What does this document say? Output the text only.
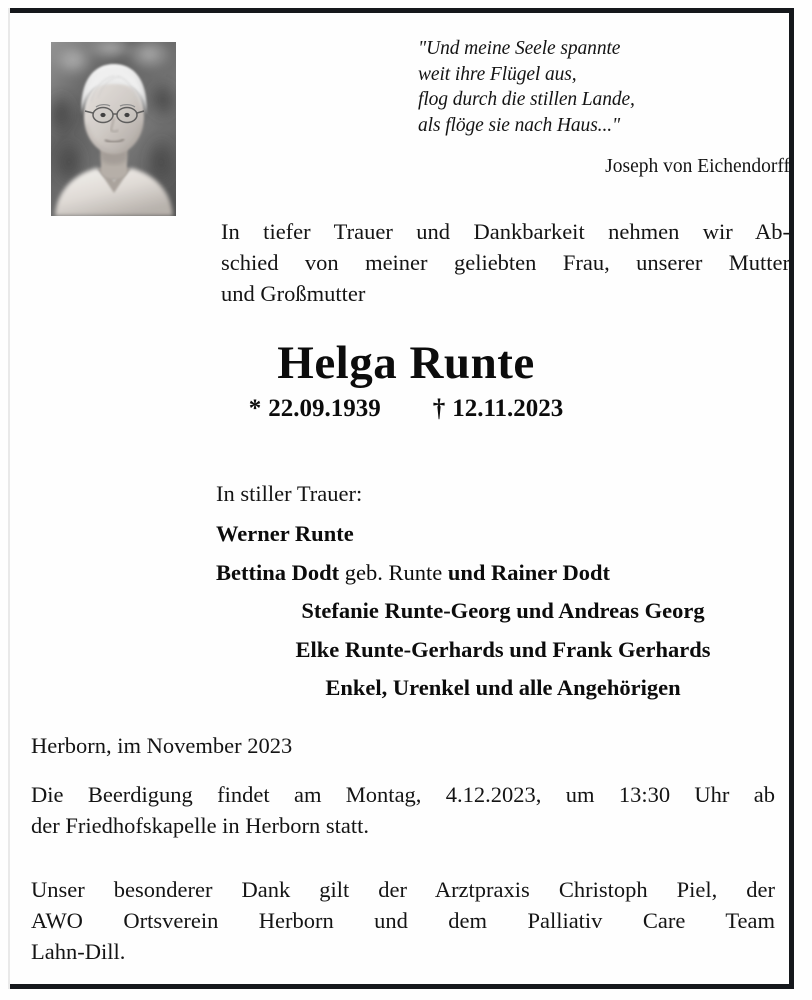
"Und meine Seele spannte
weit ihre Flügel aus,
flog durch die stillen Lande,
als flöge sie nach Haus..."
Joseph von Eichendorff
In tiefer Trauer und Dankbarkeit nehmen wir Ab-
schied von meiner geliebten Frau, unserer Mutter
und Großmutter
Helga Runte
* 22.09.1939 † 12.11.2023
In stiller Trauer:
Werner Runte
Bettina Dodt geb. Runte und Rainer Dodt
Stefanie Runte-Georg und Andreas Georg
Elke Runte-Gerhards und Frank Gerhards
Enkel, Urenkel und alle Angehörigen
Herborn, im November 2023
Die Beerdigung findet am Montag, 4.12.2023, um 13:30 Uhr ab
der Friedhofskapelle in Herborn statt.
Unser besonderer Dank gilt der Arztpraxis Christoph Piel, der
AWO Ortsverein Herborn und dem Palliativ Care Team
Lahn-Dill.
